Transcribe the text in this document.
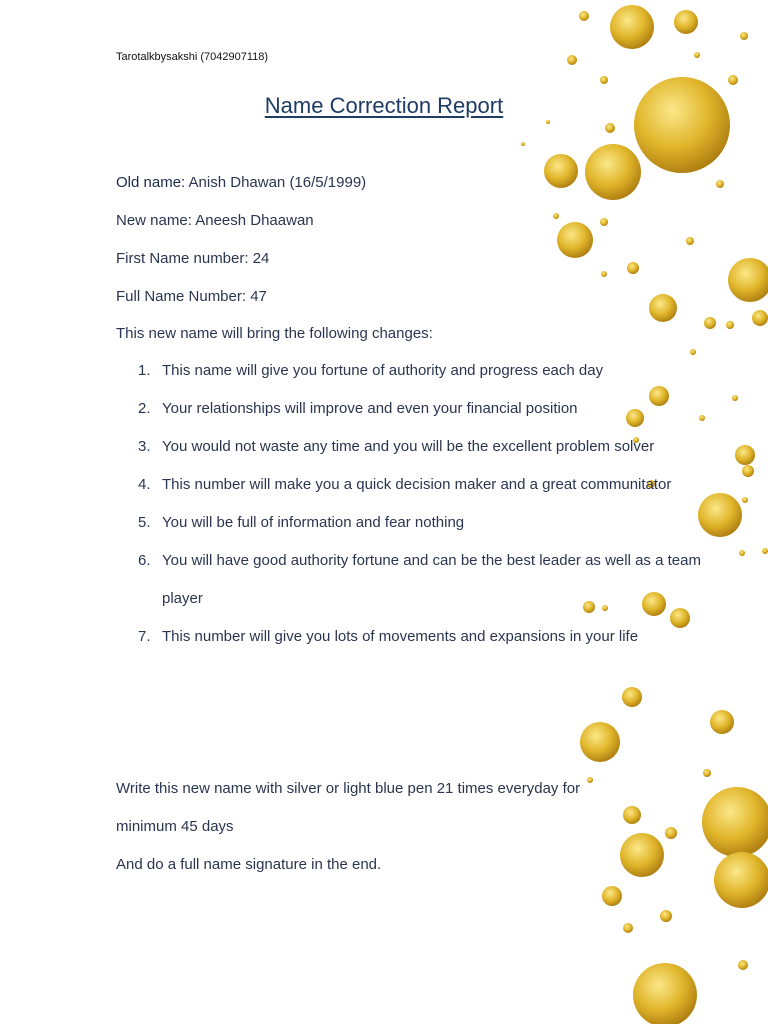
Tarotalkbysakshi (7042907118)
Name Correction Report
Old name: Anish Dhawan (16/5/1999)
New name: Aneesh Dhaawan
First Name number: 24
Full Name Number: 47
This new name will bring the following changes:
This name will give you fortune of authority and progress each day
Your relationships will improve and even your financial position
You would not waste any time and you will be the excellent problem solver
This number will make you a quick decision maker and a great communitator
You will be full of information and fear nothing
You will have good authority fortune and can be the best leader as well as a team player
This number will give you lots of movements and expansions in your life
Write this new name with silver or light blue pen 21 times everyday for minimum 45 days
And do a full name signature in the end.
